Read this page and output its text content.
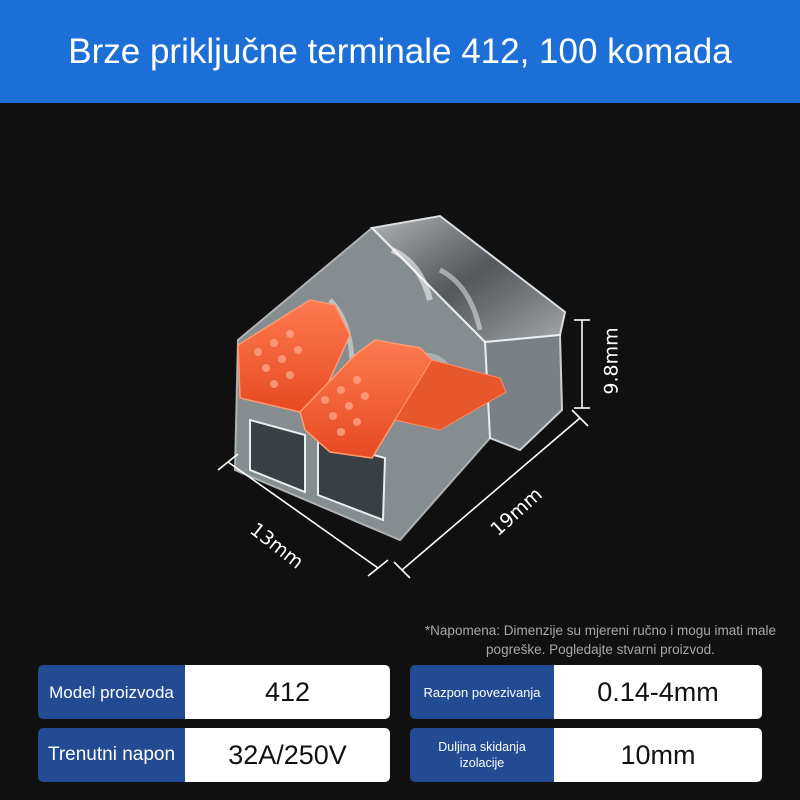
Brze priključne terminale 412, 100 komada
13mm
19mm
9.8mm
*Napomena: Dimenzije su mjereni ručno i mogu imati male pogreške. Pogledajte stvarni proizvod.
Model proizvoda	412
Trenutni napon	32A/250V
Razpon povezivanja	0.14-4mm
Duljina skidanja izolacije	10mm
